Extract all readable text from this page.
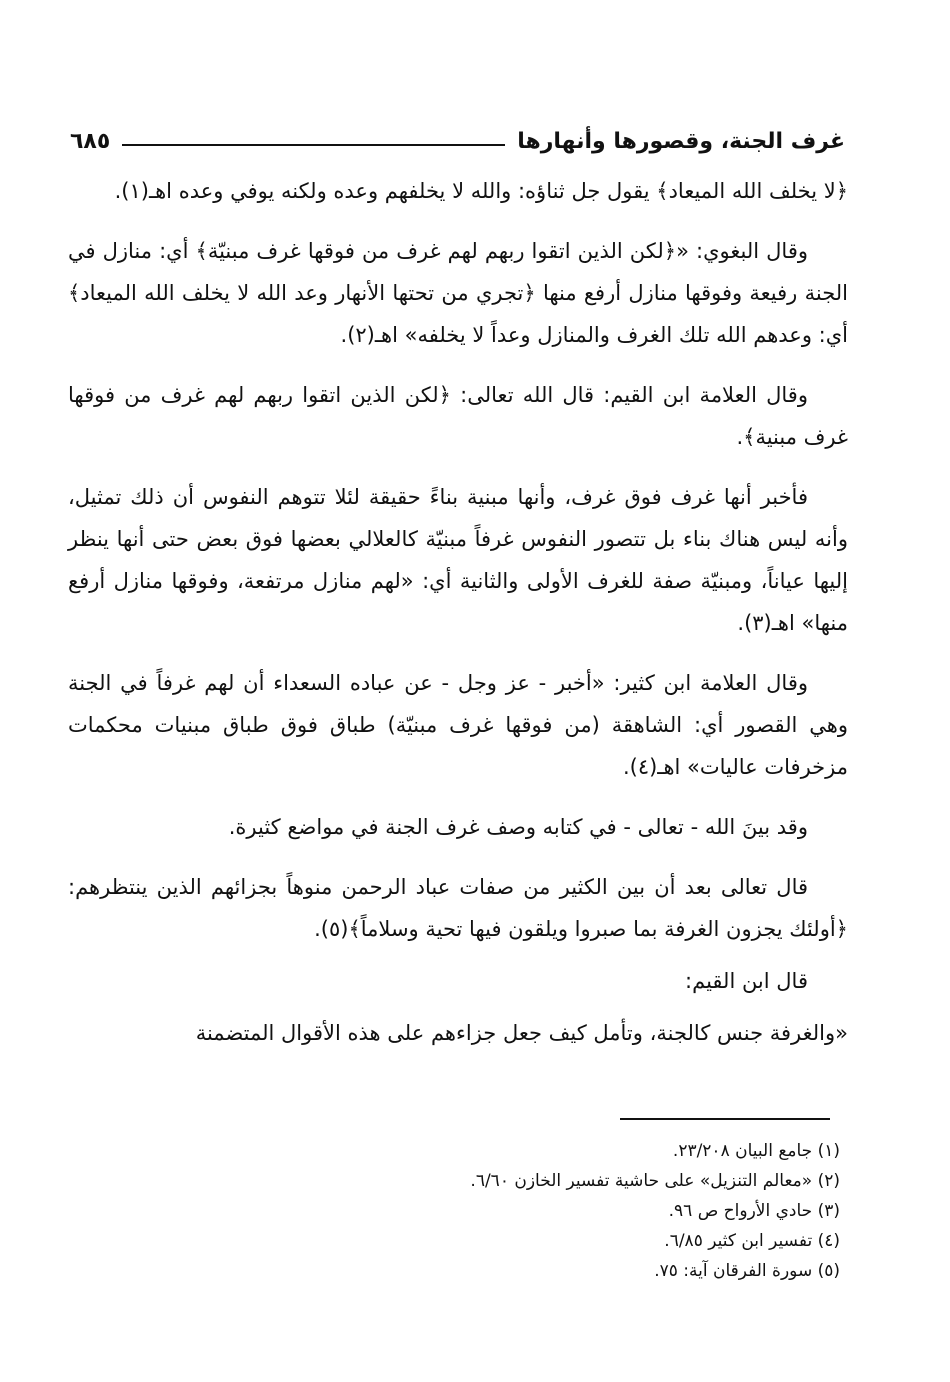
غرف الجنة، وقصورها وأنهارها
٦٨٥

﴿لا يخلف الله الميعاد﴾ يقول جل ثناؤه: والله لا يخلفهم وعده ولكنه يوفي وعده اهـ(١).

وقال البغوي: «﴿لكن الذين اتقوا ربهم لهم غرف من فوقها غرف مبنيّة﴾ أي: منازل في الجنة رفيعة وفوقها منازل أرفع منها ﴿تجري من تحتها الأنهار وعد الله لا يخلف الله الميعاد﴾ أي: وعدهم الله تلك الغرف والمنازل وعداً لا يخلفه» اهـ(٢).

وقال العلامة ابن القيم: قال الله تعالى: ﴿لكن الذين اتقوا ربهم لهم غرف من فوقها غرف مبنية﴾.

فأخبر أنها غرف فوق غرف، وأنها مبنية بناءً حقيقة لئلا تتوهم النفوس أن ذلك تمثيل، وأنه ليس هناك بناء بل تتصور النفوس غرفاً مبنيّة كالعلالي بعضها فوق بعض حتى أنها ينظر إليها عياناً، ومبنيّة صفة للغرف الأولى والثانية أي: «لهم منازل مرتفعة، وفوقها منازل أرفع منها» اهـ(٣).

وقال العلامة ابن كثير: «أخبر - عز وجل - عن عباده السعداء أن لهم غرفاً في الجنة وهي القصور أي: الشاهقة (من فوقها غرف مبنيّة) طباق فوق طباق مبنيات محكمات مزخرفات عاليات» اهـ(٤).

وقد بينَ الله - تعالى - في كتابه وصف غرف الجنة في مواضع كثيرة.

قال تعالى بعد أن بين الكثير من صفات عباد الرحمن منوهاً بجزائهم الذين ينتظرهم: ﴿أولئك يجزون الغرفة بما صبروا ويلقون فيها تحية وسلاماً﴾(٥).

قال ابن القيم:

«والغرفة جنس كالجنة، وتأمل كيف جعل جزاءهم على هذه الأقوال المتضمنة

(١) جامع البيان ٢٣/٢٠٨.

(٢) «معالم التنزيل» على حاشية تفسير الخازن ٦/٦٠.

(٣) حادي الأرواح ص ٩٦.

(٤) تفسير ابن كثير ٦/٨٥.

(٥) سورة الفرقان آية: ٧٥.
